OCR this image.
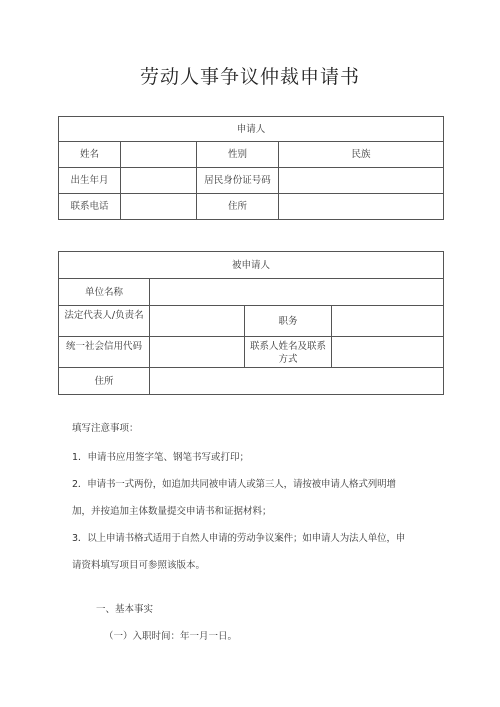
劳动人事争议仲裁申请书
申请人			
姓名		性别	民族
出生年月		居民身份证号码	
联系电话		住所	
被申请人			
单位名称			
法定代表人/负责名		职务	
统一社会信用代码		联系人姓名及联系
方式	

住所			
填写注意事项：
1．申请书应用签字笔、钢笔书写或打印；
2．申请书一式两份，如追加共同被申请人或第三人，请按被申请人格式列明增
加，并按追加主体数量提交申请书和证据材料；
3．以上申请书格式适用于自然人申请的劳动争议案件；如申请人为法人单位，申
请资料填写项目可参照该版本。
一、基本事实
（一）入职时间：年一月一日。
